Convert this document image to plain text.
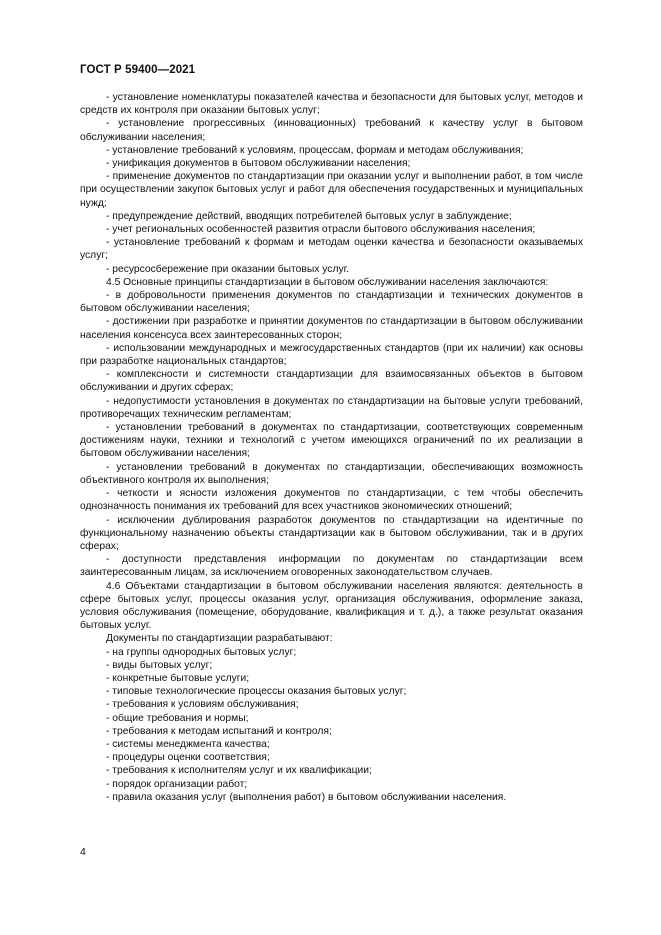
ГОСТ Р 59400—2021

- установление номенклатуры показателей качества и безопасности для бытовых услуг, методов и средств их контроля при оказании бытовых услуг;

- установление прогрессивных (инновационных) требований к качеству услуг в бытовом обслуживании населения;

- установление требований к условиям, процессам, формам и методам обслуживания;

- унификация документов в бытовом обслуживании населения;

- применение документов по стандартизации при оказании услуг и выполнении работ, в том числе при осуществлении закупок бытовых услуг и работ для обеспечения государственных и муниципальных нужд;

- предупреждение действий, вводящих потребителей бытовых услуг в заблуждение;

- учет региональных особенностей развития отрасли бытового обслуживания населения;

- установление требований к формам и методам оценки качества и безопасности оказываемых услуг;

- ресурсосбережение при оказании бытовых услуг.

4.5 Основные принципы стандартизации в бытовом обслуживании населения заключаются:

- в добровольности применения документов по стандартизации и технических документов в бытовом обслуживании населения;

- достижении при разработке и принятии документов по стандартизации в бытовом обслуживании населения консенсуса всех заинтересованных сторон;

- использовании международных и межгосударственных стандартов (при их наличии) как основы при разработке национальных стандартов;

- комплексности и системности стандартизации для взаимосвязанных объектов в бытовом обслуживании и других сферах;

- недопустимости установления в документах по стандартизации на бытовые услуги требований, противоречащих техническим регламентам;

- установлении требований в документах по стандартизации, соответствующих современным достижениям науки, техники и технологий с учетом имеющихся ограничений по их реализации в бытовом обслуживании населения;

- установлении требований в документах по стандартизации, обеспечивающих возможность объективного контроля их выполнения;

- четкости и ясности изложения документов по стандартизации, с тем чтобы обеспечить однозначность понимания их требований для всех участников экономических отношений;

- исключении дублирования разработок документов по стандартизации на идентичные по функциональному назначению объекты стандартизации как в бытовом обслуживании, так и в других сферах;

- доступности представления информации по документам по стандартизации всем заинтересованным лицам, за исключением оговоренных законодательством случаев.

4.6 Объектами стандартизации в бытовом обслуживании населения являются: деятельность в сфере бытовых услуг, процессы оказания услуг, организация обслуживания, оформление заказа, условия обслуживания (помещение, оборудование, квалификация и т. д.), а также результат оказания бытовых услуг.

Документы по стандартизации разрабатывают:

- на группы однородных бытовых услуг;

- виды бытовых услуг;

- конкретные бытовые услуги;

- типовые технологические процессы оказания бытовых услуг;

- требования к условиям обслуживания;

- общие требования и нормы;

- требования к методам испытаний и контроля;

- системы менеджмента качества;

- процедуры оценки соответствия;

- требования к исполнителям услуг и их квалификации;

- порядок организации работ;

- правила оказания услуг (выполнения работ) в бытовом обслуживании населения.

4
